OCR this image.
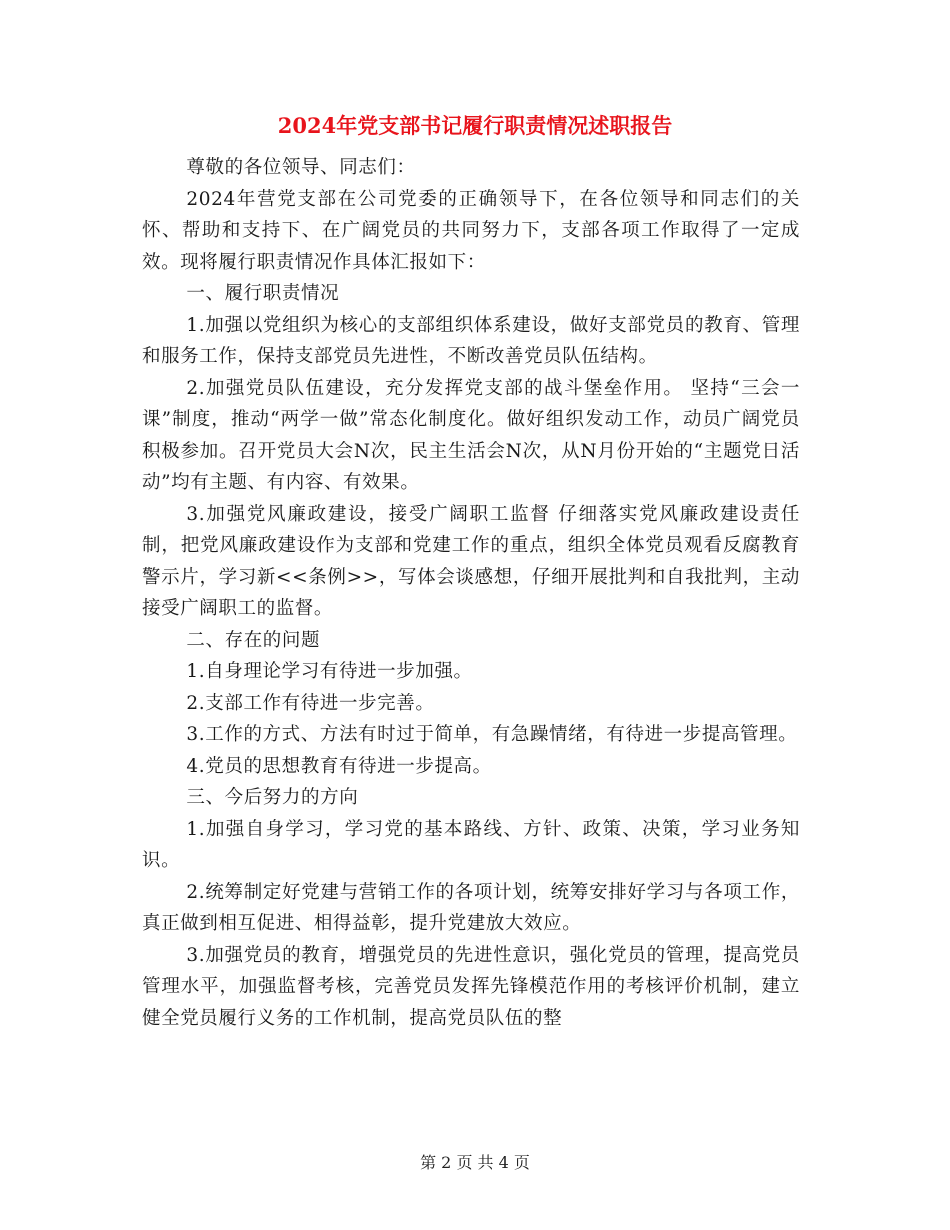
2024年党支部书记履行职责情况述职报告

尊敬的各位领导、同志们：

2024年营党支部在公司党委的正确领导下，在各位领导和同志们的关怀、帮助和支持下、在广阔党员的共同努力下，支部各项工作取得了一定成效。现将履行职责情况作具体汇报如下：

一、履行职责情况

1.加强以党组织为核心的支部组织体系建设，做好支部党员的教育、管理和服务工作，保持支部党员先进性，不断改善党员队伍结构。

2.加强党员队伍建设，充分发挥党支部的战斗堡垒作用。 坚持“三会一课”制度，推动“两学一做”常态化制度化。做好组织发动工作，动员广阔党员积极参加。召开党员大会N次，民主生活会N次，从N月份开始的“主题党日活动”均有主题、有内容、有效果。

3.加强党风廉政建设，接受广阔职工监督 仔细落实党风廉政建设责任制，把党风廉政建设作为支部和党建工作的重点，组织全体党员观看反腐教育警示片，学习新<<条例>>，写体会谈感想，仔细开展批判和自我批判，主动接受广阔职工的监督。

二、存在的问题

1.自身理论学习有待进一步加强。

2.支部工作有待进一步完善。

3.工作的方式、方法有时过于简单，有急躁情绪，有待进一步提高管理。

4.党员的思想教育有待进一步提高。

三、今后努力的方向

1.加强自身学习，学习党的基本路线、方针、政策、决策，学习业务知识。

2.统筹制定好党建与营销工作的各项计划，统筹安排好学习与各项工作，真正做到相互促进、相得益彰，提升党建放大效应。

3.加强党员的教育，增强党员的先进性意识，强化党员的管理，提高党员管理水平，加强监督考核，完善党员发挥先锋模范作用的考核评价机制，建立健全党员履行义务的工作机制，提高党员队伍的整

第 2 页 共 4 页
